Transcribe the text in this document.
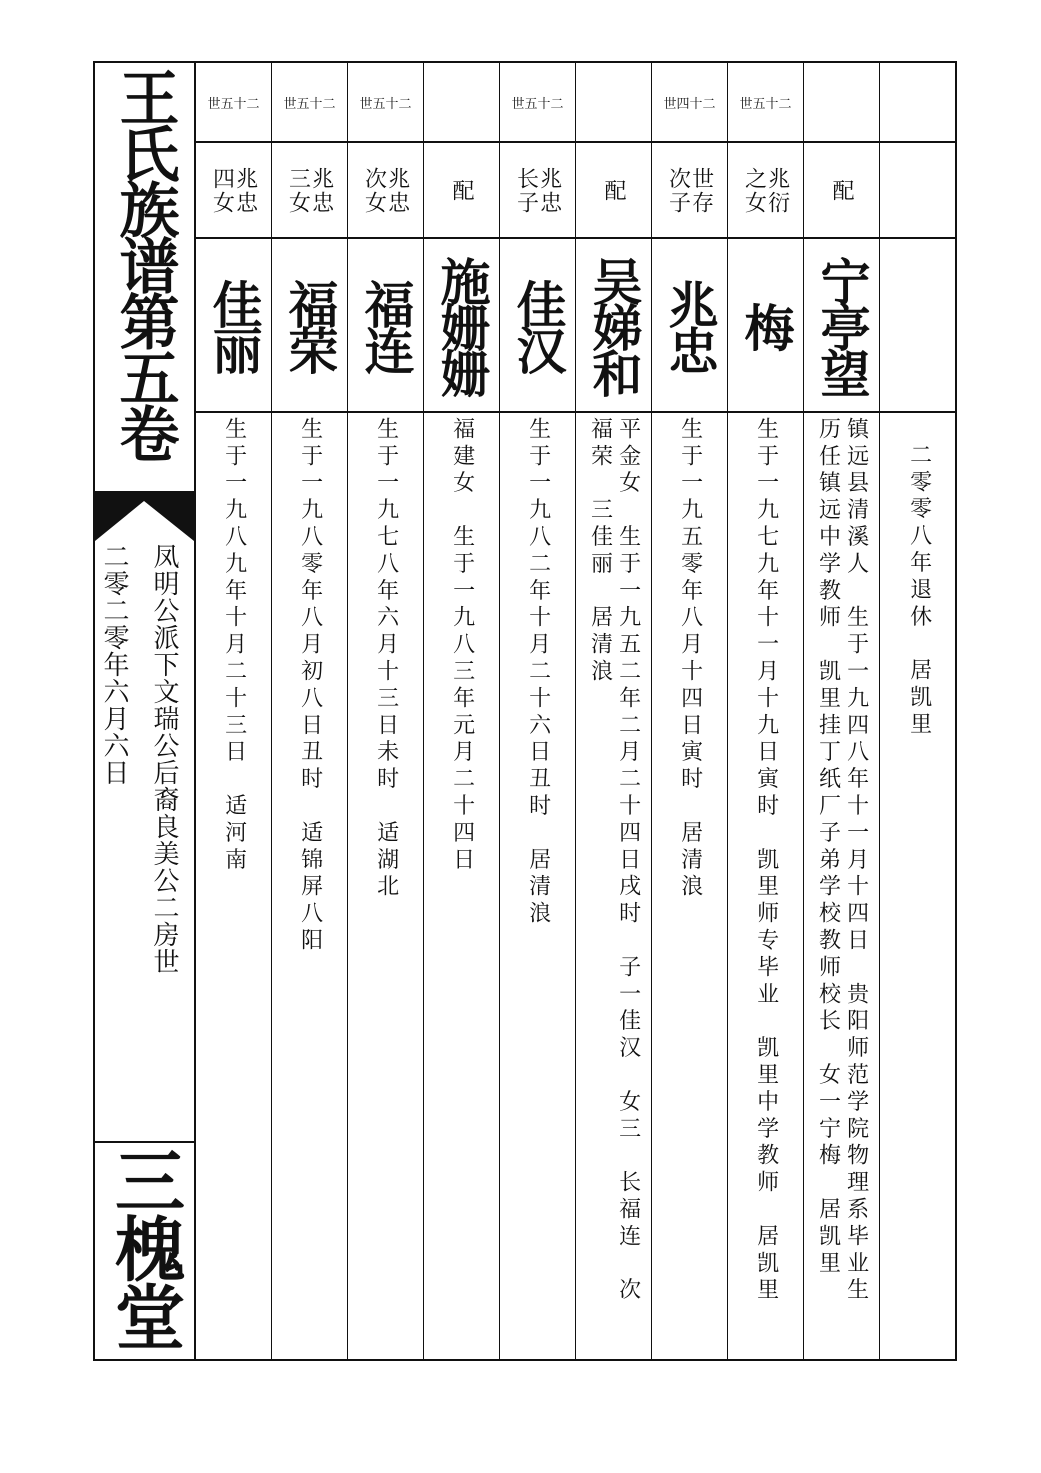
王氏族谱第五卷
凤明公派下文瑞公后裔良美公二房世
二零二零年六月六日
三槐堂
世五十二
兆忠
四女
佳丽
生于一九八九年十月二十三日　适河南
世五十二
兆忠
三女
福荣
生于一九八零年八月初八日丑时　适锦屏八阳
世五十二
兆忠
次女
福连
生于一九七八年六月十三日未时　适湖北
配
施姗姗
福建女　生于一九八三年元月二十四日
世五十二
兆忠
长子
佳汉
生于一九八二年十月二十六日丑时　居清浪
配
吴娣和
平金女　生于一九五二年二月二十四日戌时　子一佳汉　女三　长福连　次
福荣　三佳丽　居清浪
世四十二
世存
次子
兆忠
生于一九五零年八月十四日寅时　居清浪
世五十二
兆衍
之女
梅
生于一九七九年十一月十九日寅时　凯里师专毕业　凯里中学教师　居凯里
配
宁亭望
镇远县清溪人　生于一九四八年十一月十四日　贵阳师范学院物理系毕业生
历任镇远中学教师　凯里挂丁纸厂子弟学校教师校长　女一宁梅　居凯里
二零零八年退休　居凯里
